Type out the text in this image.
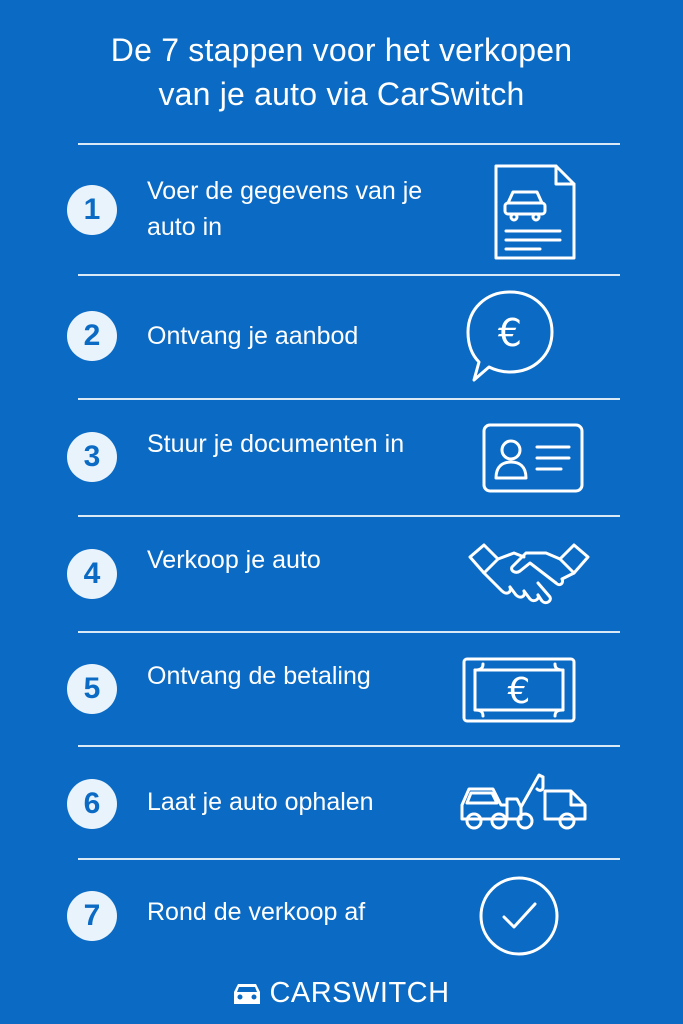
De 7 stappen voor het verkopen
van je auto via CarSwitch
1
Voer de gegevens van je auto in
2	Ontvang je aanbod	€
3	Stuur je documenten in
4	Verkoop je auto
5	Ontvang de betaling	€
6	Laat je auto ophalen
7	Rond de verkoop af
CARSWITCH
